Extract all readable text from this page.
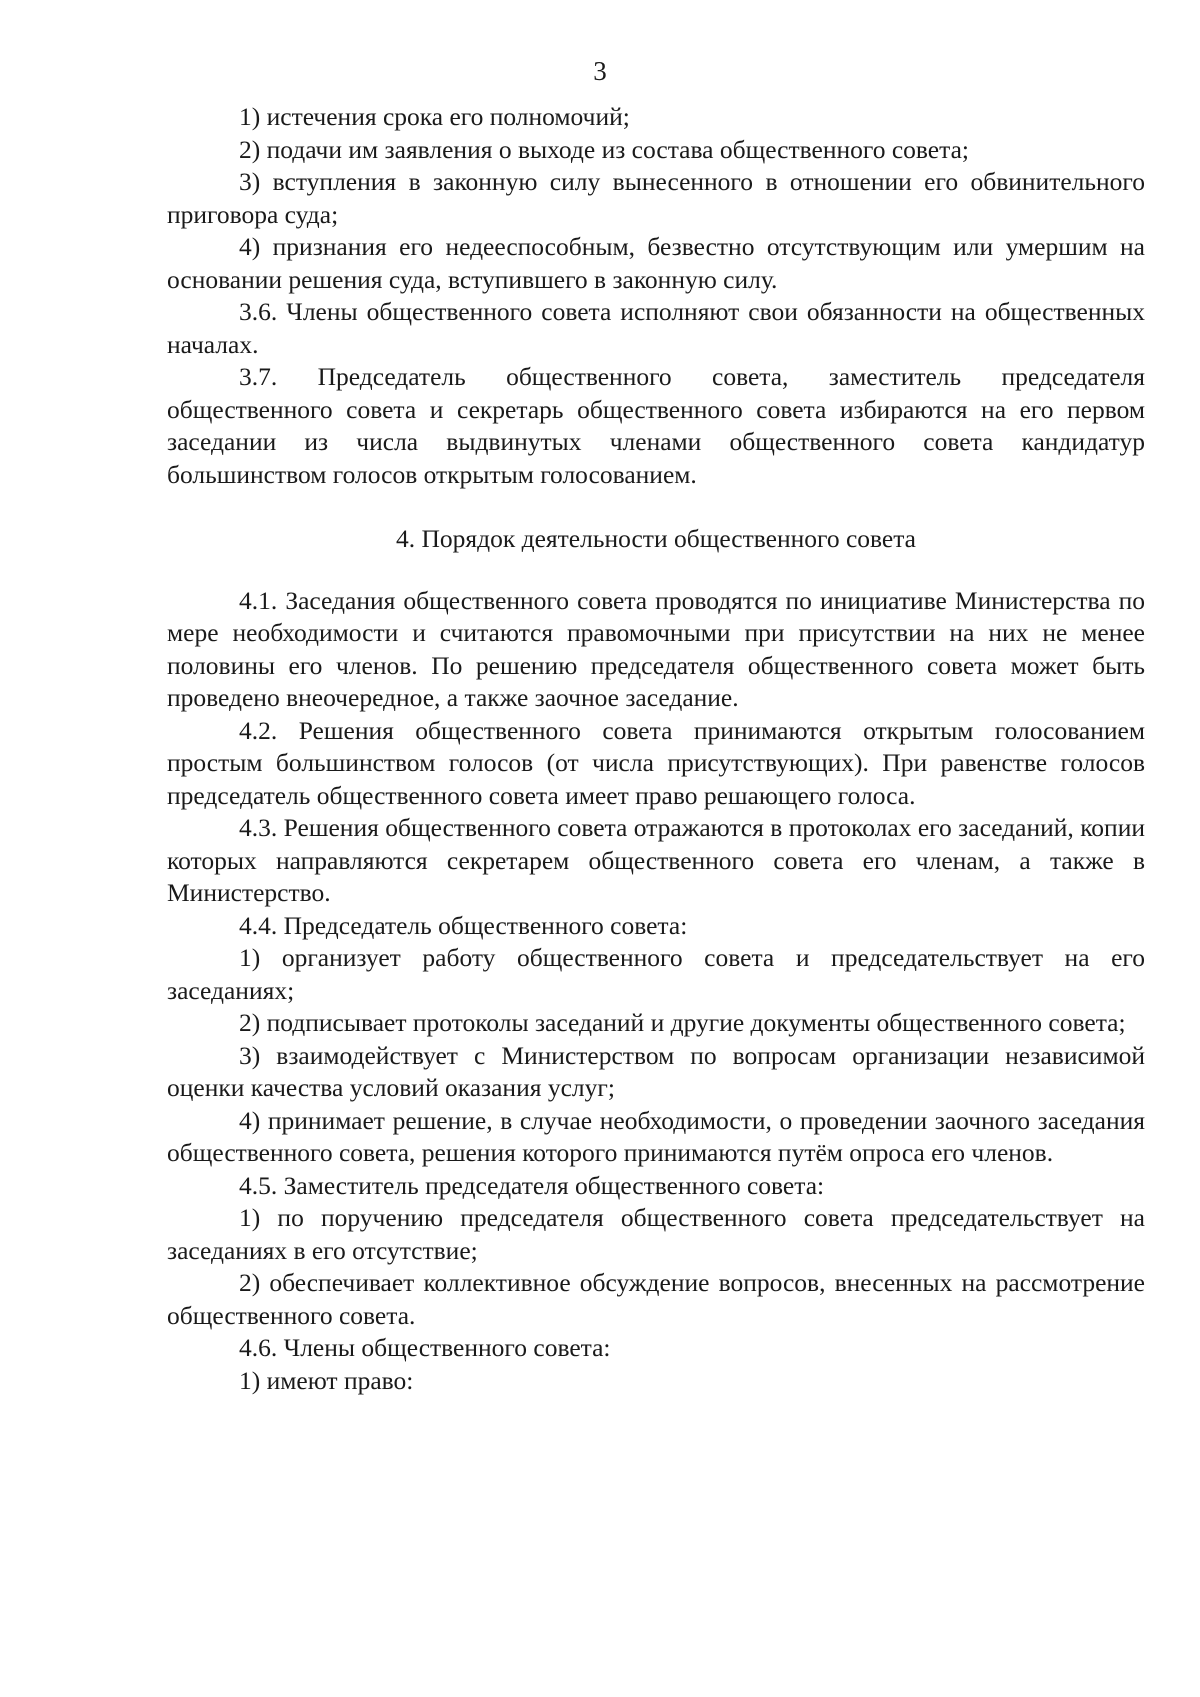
3

1) истечения срока его полномочий;

2) подачи им заявления о выходе из состава общественного совета;

3) вступления в законную силу вынесенного в отношении его обвинительного приговора суда;

4) признания его недееспособным, безвестно отсутствующим или умершим на основании решения суда, вступившего в законную силу.

3.6. Члены общественного совета исполняют свои обязанности на общественных началах.

3.7. Председатель общественного совета, заместитель председателя общественного совета и секретарь общественного совета избираются на его первом заседании из числа выдвинутых членами общественного совета кандидатур большинством голосов открытым голосованием.

4. Порядок деятельности общественного совета

4.1. Заседания общественного совета проводятся по инициативе Министерства по мере необходимости и считаются правомочными при присутствии на них не менее половины его членов. По решению председателя общественного совета может быть проведено внеочередное, а также заочное заседание.

4.2. Решения общественного совета принимаются открытым голосованием простым большинством голосов (от числа присутствующих). При равенстве голосов председатель общественного совета имеет право решающего голоса.

4.3. Решения общественного совета отражаются в протоколах его заседаний, копии которых направляются секретарем общественного совета его членам, а также в Министерство.

4.4. Председатель общественного совета:

1) организует работу общественного совета и председательствует на его заседаниях;

2) подписывает протоколы заседаний и другие документы общественного совета;

3) взаимодействует с Министерством по вопросам организации независимой оценки качества условий оказания услуг;

4) принимает решение, в случае необходимости, о проведении заочного заседания общественного совета, решения которого принимаются путём опроса его членов.

4.5. Заместитель председателя общественного совета:

1) по поручению председателя общественного совета председательствует на заседаниях в его отсутствие;

2) обеспечивает коллективное обсуждение вопросов, внесенных на рассмотрение общественного совета.

4.6. Члены общественного совета:

1) имеют право:
